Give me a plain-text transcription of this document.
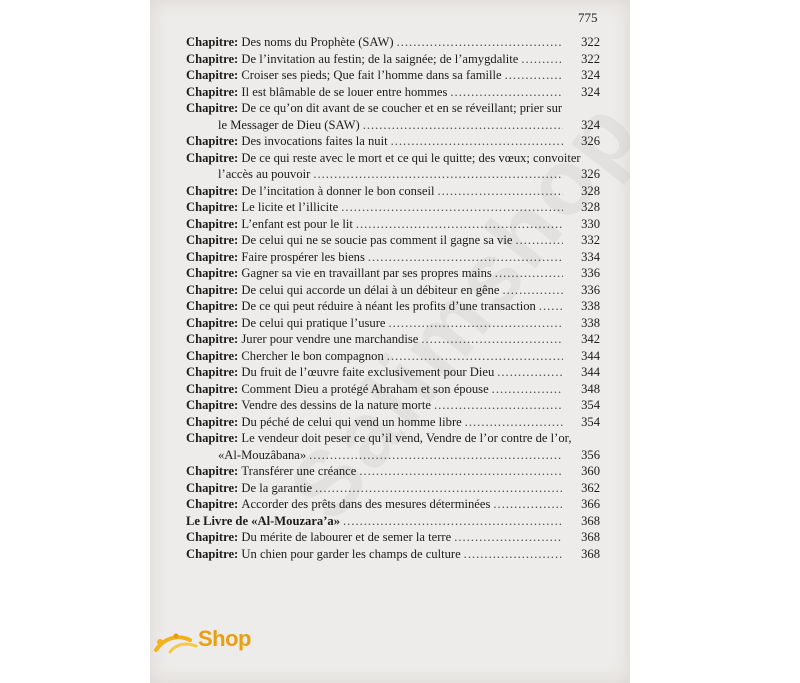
775
Chapitre:
Des noms du Prophète (SAW) .....	322
Chapitre:
De l’invitation au festin; de la saignée; de l’amygdalite .....	322
Chapitre:
Croiser ses pieds; Que fait l’homme dans sa famille .....	324
Chapitre:
Il est blâmable de se louer entre hommes .....	324
Chapitre: De ce qu’on dit avant de se coucher et en se réveillant; prier sur
le Messager de Dieu (SAW) .....	324
Chapitre:
Des invocations faites la nuit .....	326
Chapitre: De ce qui reste avec le mort et ce qui le quitte; des vœux; convoiter
l’accès au pouvoir .....	326
Chapitre:
De l’incitation à donner le bon conseil .....	328
Chapitre:
Le licite et l’illicite .....	328
Chapitre:
L’enfant est pour le lit .....	330
Chapitre:
De celui qui ne se soucie pas comment il gagne sa vie .....	332
Chapitre:
Faire prospérer les biens .....	334
Chapitre:
Gagner sa vie en travaillant par ses propres mains .....	336
Chapitre:
De celui qui accorde un délai à un débiteur en gêne .....	336
Chapitre:
De ce qui peut réduire à néant les profits d’une transaction .....	338
Chapitre:
De celui qui pratique l’usure .....	338
Chapitre:
Jurer pour vendre une marchandise .....	342
Chapitre:
Chercher le bon compagnon .....	344
Chapitre:
Du fruit de l’œuvre faite exclusivement pour Dieu .....	344
Chapitre:
Comment Dieu a protégé Abraham et son épouse .....	348
Chapitre:
Vendre des dessins de la nature morte .....	354
Chapitre:
Du péché de celui qui vend un homme libre .....	354
Chapitre: Le vendeur doit peser ce qu’il vend, Vendre de l’or contre de l’or,
«Al-Mouzâbana» .....	356
Chapitre:
Transférer une créance .....	360
Chapitre:
De la garantie .....	362
Chapitre:
Accorder des prêts dans des mesures déterminées .....	366
Le Livre de «Al-Mouzara’a» .....	368
Chapitre:
Du mérite de labourer et de semer la terre .....	368
Chapitre:
Un chien pour garder les champs de culture .....	368
Shop
